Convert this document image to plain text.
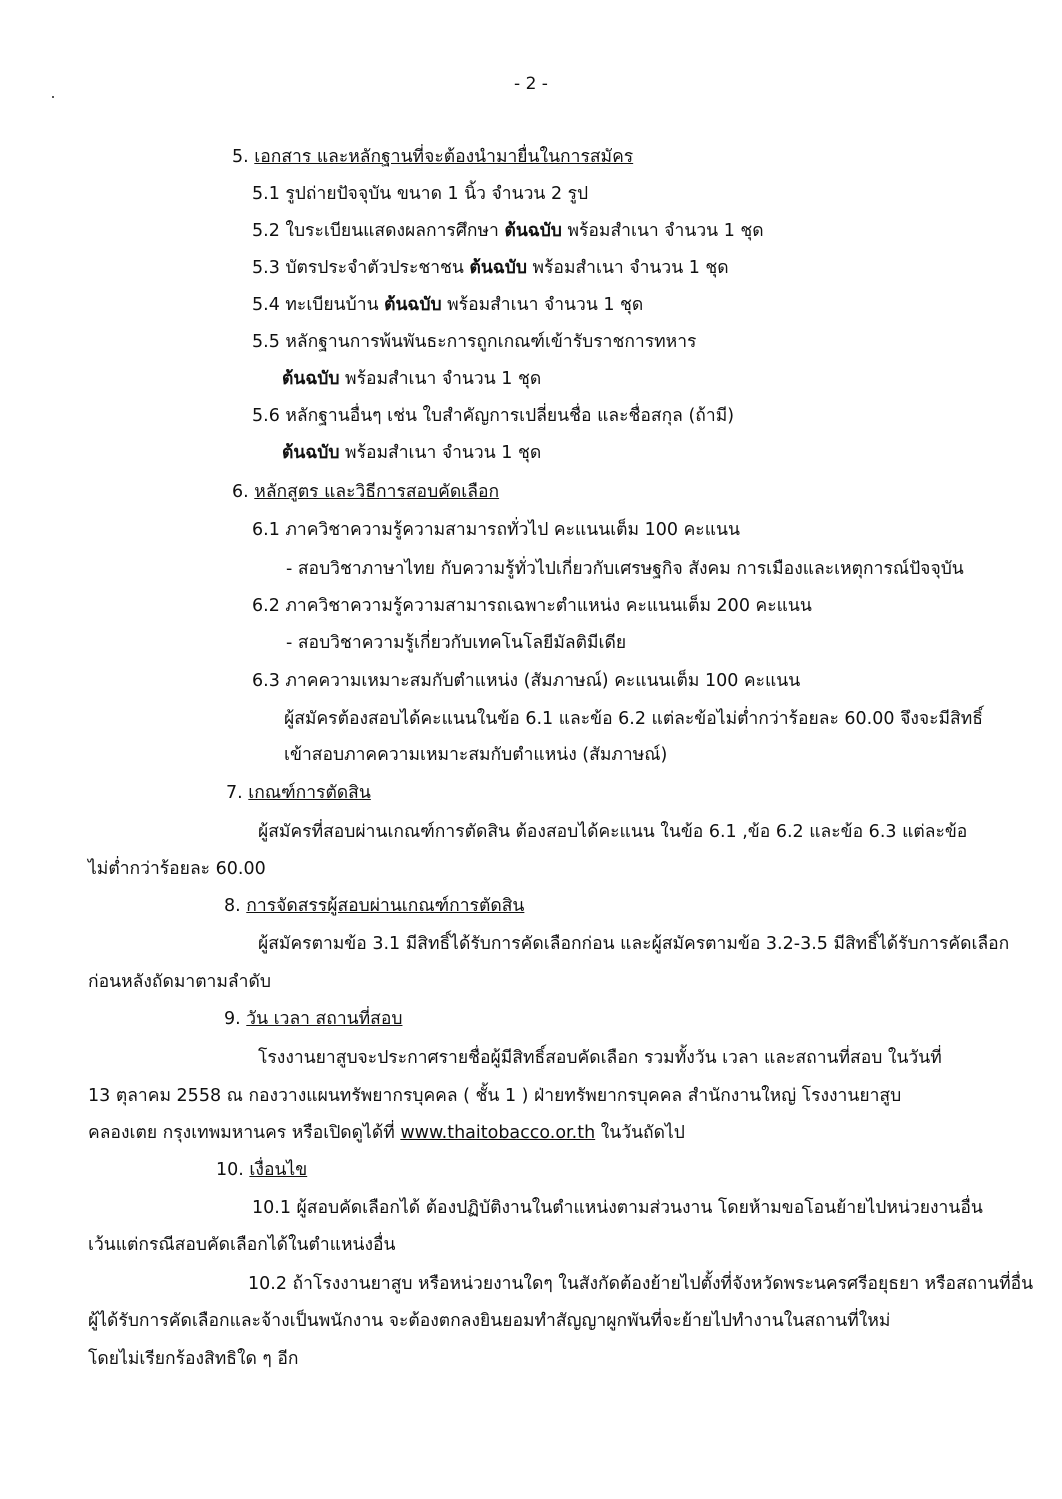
- 2 -
5. เอกสาร และหลักฐานที่จะต้องนำมายื่นในการสมัคร
5.1 รูปถ่ายปัจจุบัน ขนาด 1 นิ้ว จำนวน 2 รูป
5.2 ใบระเบียนแสดงผลการศึกษา ต้นฉบับ พร้อมสำเนา จำนวน 1 ชุด
5.3 บัตรประจำตัวประชาชน ต้นฉบับ พร้อมสำเนา จำนวน 1 ชุด
5.4 ทะเบียนบ้าน ต้นฉบับ พร้อมสำเนา จำนวน 1 ชุด
5.5 หลักฐานการพ้นพันธะการถูกเกณฑ์เข้ารับราชการทหาร
ต้นฉบับ พร้อมสำเนา จำนวน 1 ชุด
5.6 หลักฐานอื่นๆ เช่น ใบสำคัญการเปลี่ยนชื่อ และชื่อสกุล (ถ้ามี)
ต้นฉบับ พร้อมสำเนา จำนวน 1 ชุด
6. หลักสูตร และวิธีการสอบคัดเลือก
6.1 ภาควิชาความรู้ความสามารถทั่วไป คะแนนเต็ม 100 คะแนน
- สอบวิชาภาษาไทย กับความรู้ทั่วไปเกี่ยวกับเศรษฐกิจ สังคม การเมืองและเหตุการณ์ปัจจุบัน
6.2 ภาควิชาความรู้ความสามารถเฉพาะตำแหน่ง คะแนนเต็ม 200 คะแนน
- สอบวิชาความรู้เกี่ยวกับเทคโนโลยีมัลติมีเดีย
6.3 ภาคความเหมาะสมกับตำแหน่ง (สัมภาษณ์) คะแนนเต็ม 100 คะแนน
ผู้สมัครต้องสอบได้คะแนนในข้อ 6.1 และข้อ 6.2 แต่ละข้อไม่ต่ำกว่าร้อยละ 60.00 จึงจะมีสิทธิ์
เข้าสอบภาคความเหมาะสมกับตำแหน่ง (สัมภาษณ์)
7. เกณฑ์การตัดสิน
ผู้สมัครที่สอบผ่านเกณฑ์การตัดสิน ต้องสอบได้คะแนน ในข้อ 6.1 ,ข้อ 6.2 และข้อ 6.3 แต่ละข้อ
ไม่ต่ำกว่าร้อยละ 60.00
8. การจัดสรรผู้สอบผ่านเกณฑ์การตัดสิน
ผู้สมัครตามข้อ 3.1 มีสิทธิ์ได้รับการคัดเลือกก่อน และผู้สมัครตามข้อ 3.2-3.5 มีสิทธิ์ได้รับการคัดเลือก
ก่อนหลังถัดมาตามลำดับ
9. วัน เวลา สถานที่สอบ
โรงงานยาสูบจะประกาศรายชื่อผู้มีสิทธิ์สอบคัดเลือก รวมทั้งวัน เวลา และสถานที่สอบ ในวันที่
13 ตุลาคม 2558 ณ กองวางแผนทรัพยากรบุคคล ( ชั้น 1 ) ฝ่ายทรัพยากรบุคคล สำนักงานใหญ่ โรงงานยาสูบ
คลองเตย กรุงเทพมหานคร หรือเปิดดูได้ที่ www.thaitobacco.or.th ในวันถัดไป
10. เงื่อนไข
10.1 ผู้สอบคัดเลือกได้ ต้องปฏิบัติงานในตำแหน่งตามส่วนงาน โดยห้ามขอโอนย้ายไปหน่วยงานอื่น
เว้นแต่กรณีสอบคัดเลือกได้ในตำแหน่งอื่น
10.2 ถ้าโรงงานยาสูบ หรือหน่วยงานใดๆ ในสังกัดต้องย้ายไปตั้งที่จังหวัดพระนครศรีอยุธยา หรือสถานที่อื่น
ผู้ได้รับการคัดเลือกและจ้างเป็นพนักงาน จะต้องตกลงยินยอมทำสัญญาผูกพันที่จะย้ายไปทำงานในสถานที่ใหม่
โดยไม่เรียกร้องสิทธิใด ๆ อีก
